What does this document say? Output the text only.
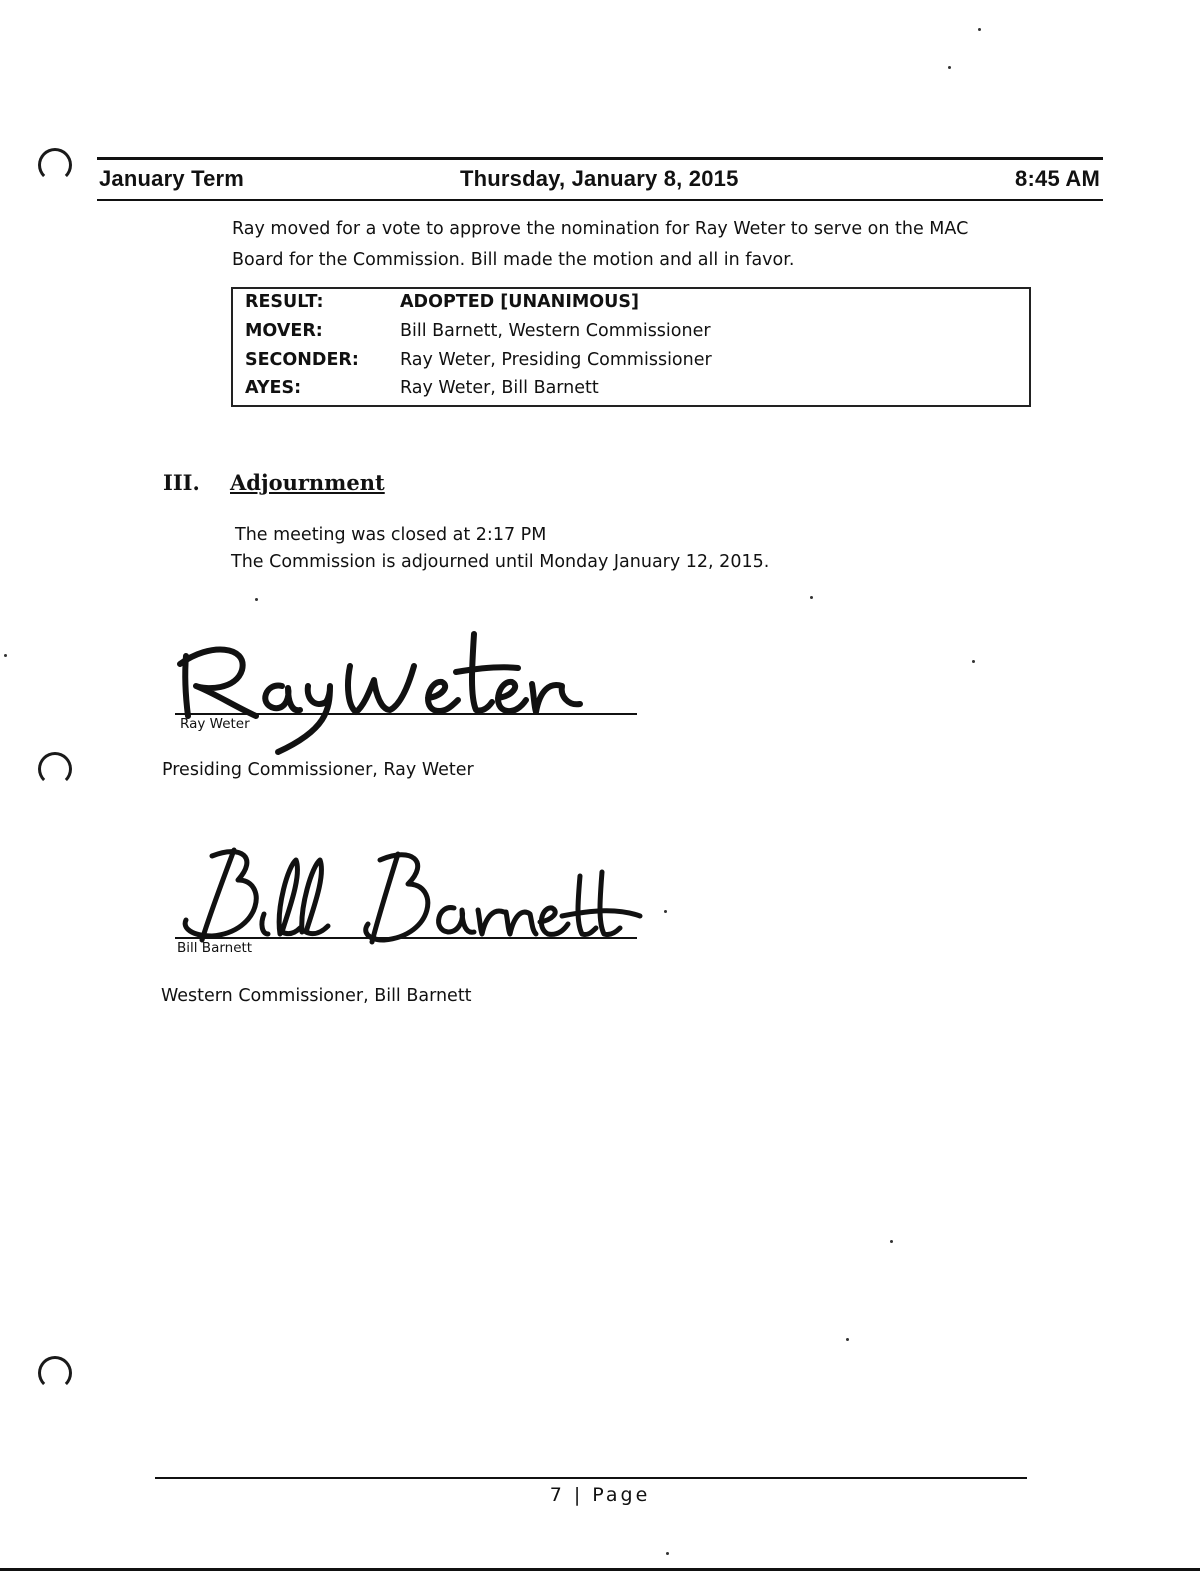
January Term	Thursday, January 8, 2015	8:45 AM
Ray moved for a vote to approve the nomination for Ray Weter to serve on the MAC
Board for the Commission. Bill made the motion and all in favor.
RESULT:	ADOPTED [UNANIMOUS]
MOVER:	Bill Barnett, Western Commissioner
SECONDER: Ray Weter, Presiding Commissioner
AYES:	Ray Weter, Bill Barnett
III. Adjournment
The meeting was closed at 2:17 PM
The Commission is adjourned until Monday January 12, 2015.
Ray Weter
Presiding Commissioner, Ray Weter
Bill Barnett
Western Commissioner, Bill Barnett
7 | Page
